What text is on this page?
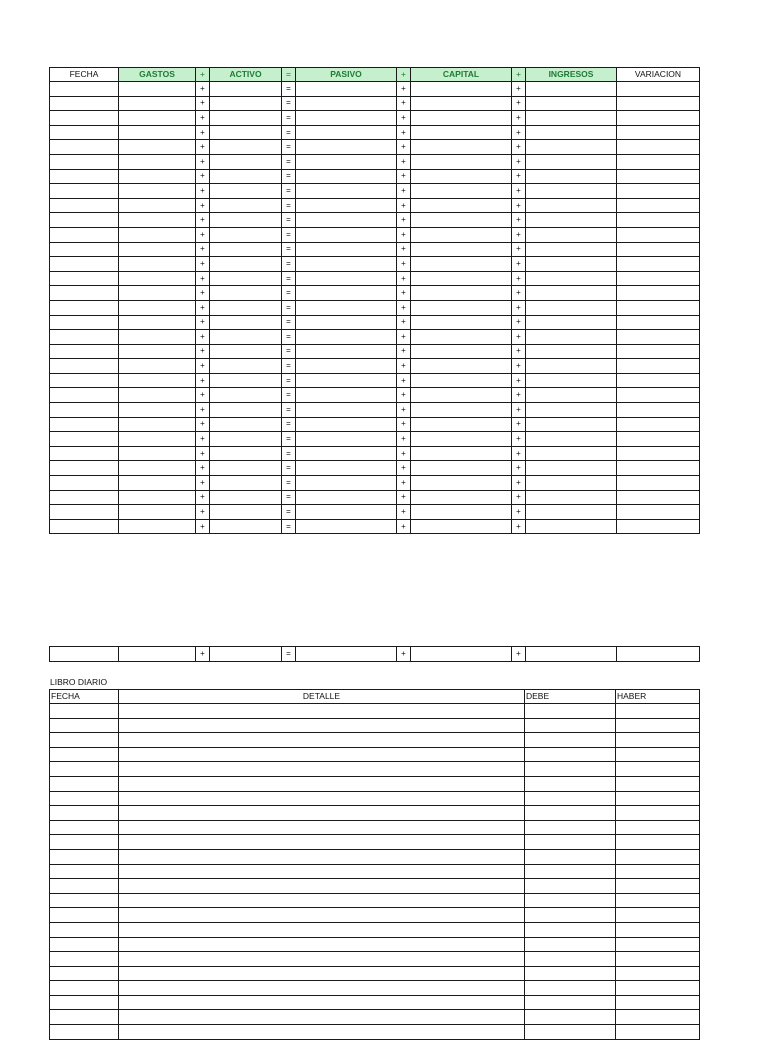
FECHA	GASTOS	+	ACTIVO	=	PASIVO	+	CAPITAL	+	INGRESOS	VARIACION
		+		=		+		+		
		+		=		+		+		
		+		=		+		+		
		+		=		+		+		
		+		=		+		+		
		+		=		+		+		
		+		=		+		+		
		+		=		+		+		
		+		=		+		+		
		+		=		+		+		
		+		=		+		+		
		+		=		+		+		
		+		=		+		+		
		+		=		+		+		
		+		=		+		+		
		+		=		+		+		
		+		=		+		+		
		+		=		+		+		
		+		=		+		+		
		+		=		+		+		
		+		=		+		+		
		+		=		+		+		
		+		=		+		+		
		+		=		+		+		
		+		=		+		+		
		+		=		+		+		
		+		=		+		+		
		+		=		+		+		
		+		=		+		+		
		+		=		+		+		
		+		=		+		+		
		+		=		+		+		

LIBRO DIARIO

FECHA	DETALLE	DEBE	HABER
